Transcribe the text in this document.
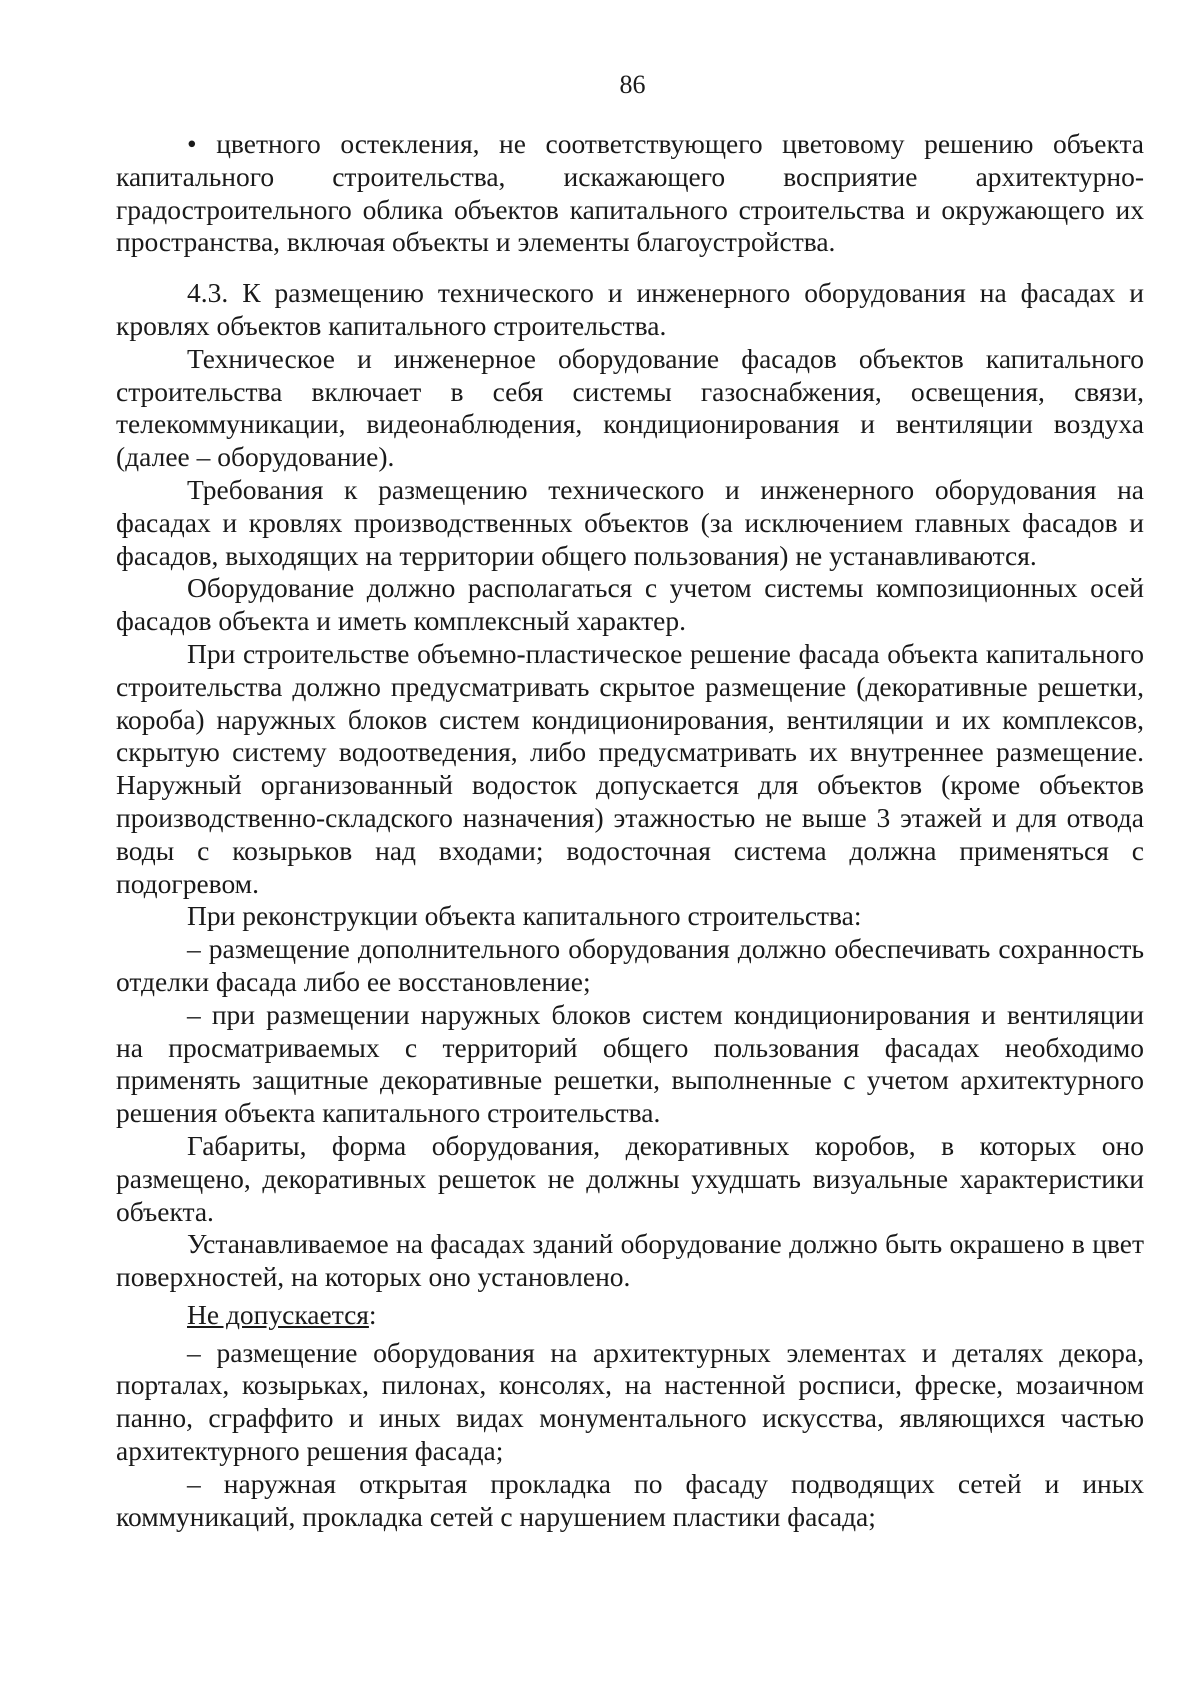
86

• цветного остекления, не соответствующего цветовому решению объекта капитального строительства, искажающего восприятие архитектурно-градостроительного облика объектов капитального строительства и окружающего их пространства, включая объекты и элементы благоустройства.

4.3. К размещению технического и инженерного оборудования на фасадах и кровлях объектов капитального строительства.

Техническое и инженерное оборудование фасадов объектов капитального строительства включает в себя системы газоснабжения, освещения, связи, телекоммуникации, видеонаблюдения, кондиционирования и вентиляции воздуха (далее – оборудование).

Требования к размещению технического и инженерного оборудования на фасадах и кровлях производственных объектов (за исключением главных фасадов и фасадов, выходящих на территории общего пользования) не устанавливаются.

Оборудование должно располагаться с учетом системы композиционных осей фасадов объекта и иметь комплексный характер.

При строительстве объемно-пластическое решение фасада объекта капитального строительства должно предусматривать скрытое размещение (декоративные решетки, короба) наружных блоков систем кондиционирования, вентиляции и их комплексов, скрытую систему водоотведения, либо предусматривать их внутреннее размещение. Наружный организованный водосток допускается для объектов (кроме объектов производственно-складского назначения) этажностью не выше 3 этажей и для отвода воды с козырьков над входами; водосточная система должна применяться с подогревом.

При реконструкции объекта капитального строительства:

– размещение дополнительного оборудования должно обеспечивать сохранность отделки фасада либо ее восстановление;

– при размещении наружных блоков систем кондиционирования и вентиляции на просматриваемых с территорий общего пользования фасадах необходимо применять защитные декоративные решетки, выполненные с учетом архитектурного решения объекта капитального строительства.

Габариты, форма оборудования, декоративных коробов, в которых оно размещено, декоративных решеток не должны ухудшать визуальные характеристики объекта.

Устанавливаемое на фасадах зданий оборудование должно быть окрашено в цвет поверхностей, на которых оно установлено.

Не допускается:

– размещение оборудования на архитектурных элементах и деталях декора, порталах, козырьках, пилонах, консолях, на настенной росписи, фреске, мозаичном панно, сграффито и иных видах монументального искусства, являющихся частью архитектурного решения фасада;

– наружная открытая прокладка по фасаду подводящих сетей и иных коммуникаций, прокладка сетей с нарушением пластики фасада;
